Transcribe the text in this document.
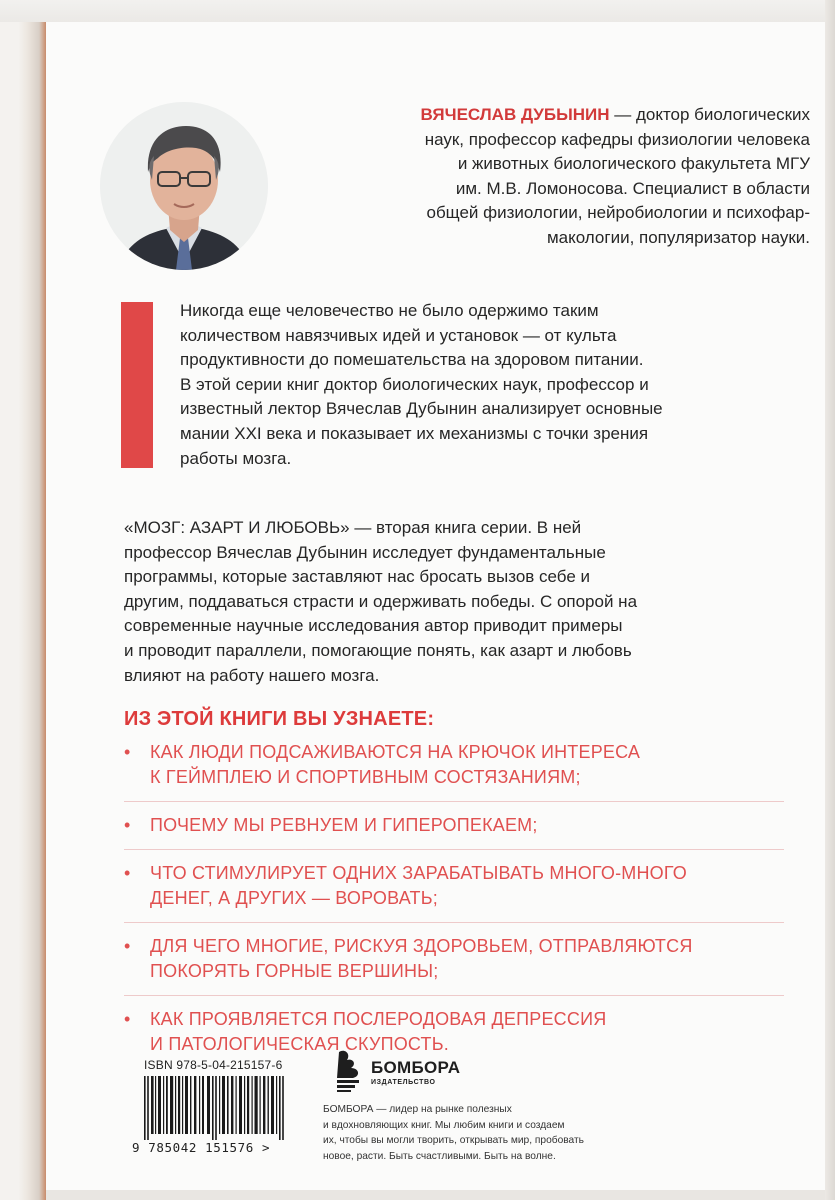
ВЯЧЕСЛАВ ДУБЫНИН — доктор биологических
наук, профессор кафедры физиологии человека
и животных биологического факультета МГУ
им. М.В. Ломоносова. Специалист в области
общей физиологии, нейробиологии и психофар-
макологии, популяризатор науки.
Никогда еще человечество не было одержимо таким
количеством навязчивых идей и установок — от культа
продуктивности до помешательства на здоровом питании.
В этой серии книг доктор биологических наук, профессор и
известный лектор Вячеслав Дубынин анализирует основные
мании XXI века и показывает их механизмы с точки зрения
работы мозга.
«МОЗГ: АЗАРТ И ЛЮБОВЬ» — вторая книга серии. В ней
профессор Вячеслав Дубынин исследует фундаментальные
программы, которые заставляют нас бросать вызов себе и
другим, поддаваться страсти и одерживать победы. С опорой на
современные научные исследования автор приводит примеры
и проводит параллели, помогающие понять, как азарт и любовь
влияют на работу нашего мозга.
ИЗ ЭТОЙ КНИГИ ВЫ УЗНАЕТЕ:
• КАК ЛЮДИ ПОДСАЖИВАЮТСЯ НА КРЮЧОК ИНТЕРЕСА
К ГЕЙМПЛЕЮ И СПОРТИВНЫМ СОСТЯЗАНИЯМ;
• ПОЧЕМУ МЫ РЕВНУЕМ И ГИПЕРОПЕКАЕМ;
• ЧТО СТИМУЛИРУЕТ ОДНИХ ЗАРАБАТЫВАТЬ МНОГО-МНОГО
ДЕНЕГ, А ДРУГИХ — ВОРОВАТЬ;
• ДЛЯ ЧЕГО МНОГИЕ, РИСКУЯ ЗДОРОВЬЕМ, ОТПРАВЛЯЮТСЯ
ПОКОРЯТЬ ГОРНЫЕ ВЕРШИНЫ;
• КАК ПРОЯВЛЯЕТСЯ ПОСЛЕРОДОВАЯ ДЕПРЕССИЯ
И ПАТОЛОГИЧЕСКАЯ СКУПОСТЬ.
ISBN 978-5-04-215157-6
9 785042 151576 >
БОМБОРА
ИЗДАТЕЛЬСТВО
БОМБОРА — лидер на рынке полезных
и вдохновляющих книг. Мы любим книги и создаем
их, чтобы вы могли творить, открывать мир, пробовать
новое, расти. Быть счастливыми. Быть на волне.
